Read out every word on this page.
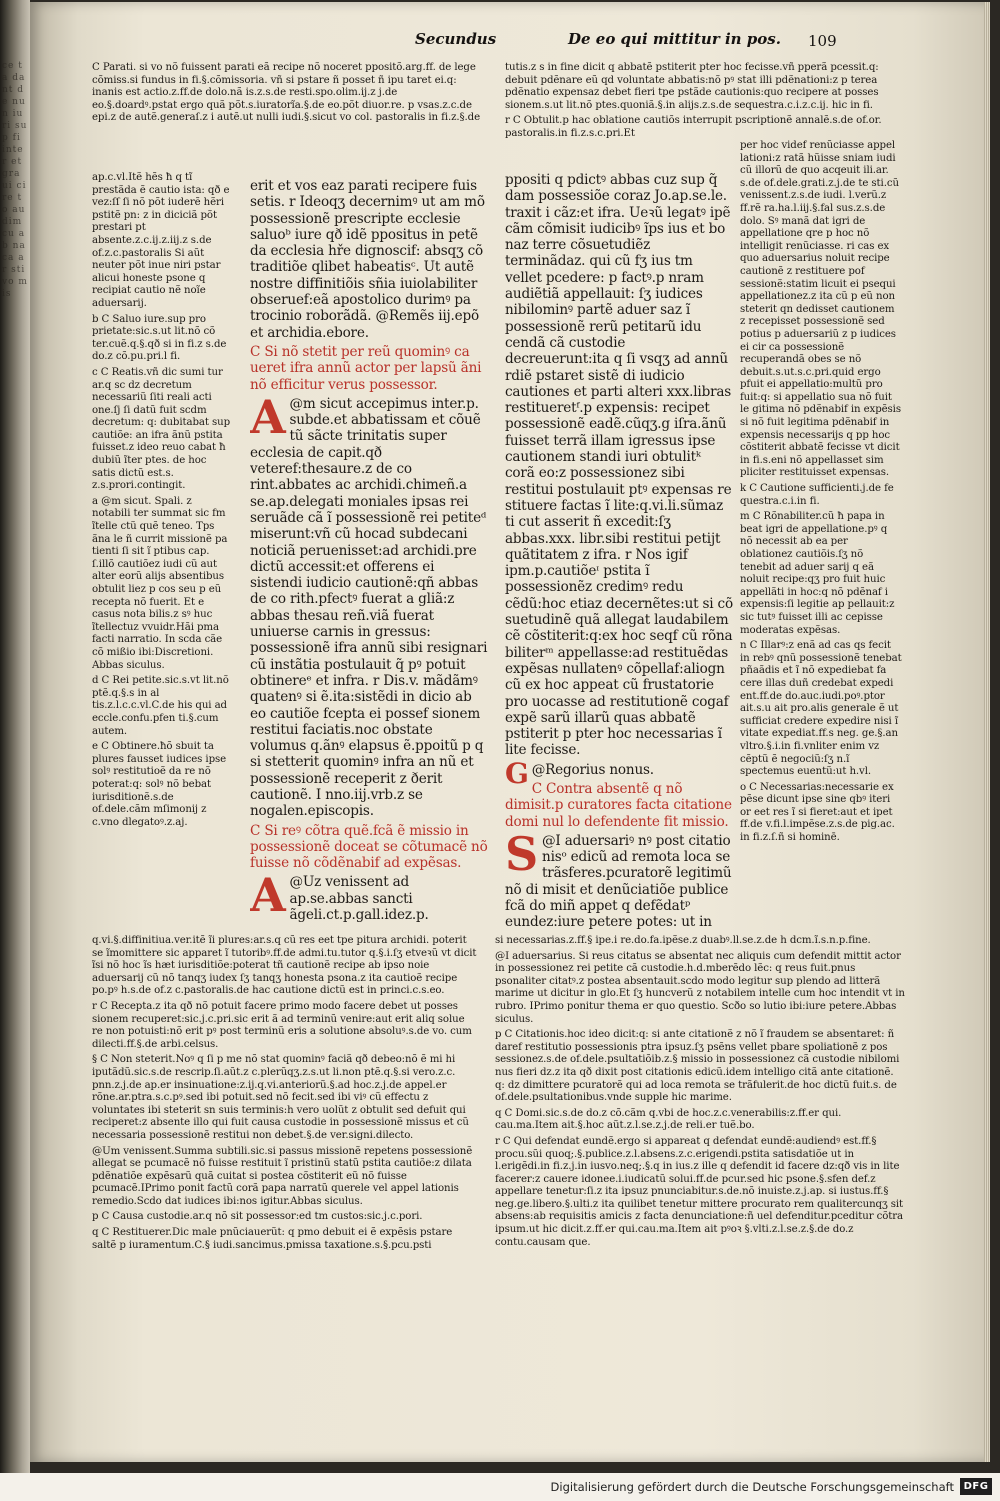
ce ta dant de nun iuri sup fi inter et gra ui ci re to au dim cu ab na ca ar sti vo mis
Secundus	De eo qui mittitur in pos. 109

C Parati. si vo nõ fuissent parati eã recipe nõ noceret ppositõ.arg.ff. de lege cõmiss.si fundus in fi.§.cõmissoria. vñ si pstare ñ posset ñ ipu taret ei.q: inanis est actio.z.ff.de dolo.nã is.z.s.de resti.spo.olim.ij.z j.de eo.§.doardꝰ.pstat ergo quã põt.s.iuratorĩa.§.de eo.põt diuor.re. p vsas.z.c.de epi.z de autẽ.generaſ.z i autẽ.ut nulli iudi.§.sicut vo col. pastoralis in fi.z.§.de

ap.c.vl.Itẽ hẽs ħ q tĩ prestãda ẽ cautio ista: qð e vez:ſſ ſi nõ põt iuderẽ hẽri pstitẽ pn: z in diciciã põt prestari pt absente.z.c.ij.z.iij.z s.de of.z.c.pastoralis Si aũt neuter põt inue niri pstar alicui honeste psone q recipiat cautio nẽ noĩe aduersarij.

b C Saluo iure.sup pro prietate:sic.s.ut lit.nõ cõ ter.cuẽ.q.§.qð si in fi.z s.de do.z cõ.pu.pri.l fi.

c C Reatis.vñ dic sumi tur ar.q sc dz decretum necessariũ ſiti reali acti one.ſj ſi datũ fuit scdm decretum: q: dubitabat sup cautiõe: an ifra ãnũ pstita fuisset.z ideo reuo cabat ħ dubiũ ĩter ptes. de hoc satis dictũ est.s. z.s.prori.contingit.

a @m sicut. Spali. z notabili ter summat sic fm ĩtelle ctũ quẽ teneo. Tps ãna le ñ currit missionẽ pa tienti ſi sit ĩ ptibus cap. ſ.illõ cautiõez iudi cũ aut alter eorũ alijs absentibus obtulit liez p cos seu p eũ recepta nõ fuerit. Et e casus nota bilis.z sꝰ huc ĩtellectuz vvuidr.Hãi pma facti narratio. In scda cãe cõ mißio ibi:Discretioni. Abbas siculus.

d C Rei petite.sic.s.vt lit.nõ ptẽ.q.§.s in al tis.z.l.c.c.vl.C.de his qui ad eccle.confu.pfen ti.§.cum autem.

e C Obtinere.ħõ sbuit ta plures fausset iudices ipse solꝰ restitutioẽ da re nõ poterat:q: solꝰ nõ bebat iurisditionẽ.s.de of.dele.cãm mſimonij z c.vno dlegatoꝰ.z.aj.

erit et vos eaz parati recipere fuis setis. r Ideoqʒ decernimꝰ ut am mõ possessionẽ prescripte ecclesie saluoᵇ iure qð idẽ ppositus in petẽ da ecclesia hře dignoscif: absqʒ cõ traditiõe qlibet habeatisᶜ. Ut autẽ nostre diffinitiõis sñia iuiolabiliter obseruef:eã apostolico durimꝰ pa trocinio roborãdã. @Remẽs iij.epõ et archidia.ebore.

C Si nõ stetit per reũ quominꝰ ca ueret ifra annũ actor per lapsũ ãni nõ efficitur verus possessor.

A @m sicut accepimus inter.p. subde.et abbatissam et cõuẽ tũ sãcte trinitatis super ecclesia de capit.qð veteref:thesaure.z de co rint.abbates ac archidi.chimeñ.a se.ap.delegati moniales ipsas rei seruãde cã ĩ possessionẽ rei petiteᵈ miserunt:vñ cũ hocad subdecani noticiã peruenisset:ad archidi.pre dictũ accessit:et offerens ei sistendi iudicio cautionẽ:qñ abbas de co rith.pfectꝰ fuerat a gliã:z abbas thesau reñ.viã fuerat uniuerse carnis in gressus: possessionẽ ifra annũ sibi resignari cũ instãtia postulauit q̃ pꝰ potuit obtinereᵉ et infra. r Dis.v. mãdãmꝰ quatenꝰ si ẽ.ita:sistẽdi in dicio ab eo cautiõe fcepta ei possef sionem restitui faciatis.noc obstate volumus q.ãnꝰ elapsus ẽ.ppoitũ p q si stetterit quominꝰ infra an nũ et possessionẽ receperit z ðerit cautionẽ. I nno.iij.vrb.z se nogalen.episcopis.

C Si reꝰ cõtra quẽ.fcã ẽ missio in possessionẽ doceat se cõtumacẽ nõ fuisse nõ cõdẽnabif ad expẽsas.

A @Uz venissent ad ap.se.abbas sancti ãgeli.ct.p.gall.idez.p.

tutis.z s in fine dicit q abbatẽ pstiterit pter hoc fecisse.vñ pperã pcessit.q: debuit pdẽnare eũ qd voluntate abbatis:nõ pꝰ stat illi pdẽnationi:z p terea pdẽnatio expensaz debet fieri tpe pstãde cautionis:quo recipere at posses sionem.s.ut lit.nõ ptes.quoniã.§.in alijs.z.s.de sequestra.c.i.z.c.ij. hic in fi.

r C Obtulit.p hac oblatione cautiõs interrupit pscriptionẽ annalẽ.s.de of.or. pastoralis.in fi.z.s.c.pri.Et

ppositi q pdictꝰ abbas cuz sup q̃ dam possessiõe coraz Jo.ap.se.le. traxit i cãz:et ifra. Ueꝛũ legatꝰ ipẽ cãm cõmisit iudicibꝰ ĩps ius et bo naz terre cõsuetudiẽz terminãdaz. qui cũ fʒ ius tm vellet pcedere: p factꝰ.p nram audiẽtiã appellauit: ſʒ iudices nibilominꝰ partẽ aduer saz ĩ possessionẽ rerũ petitarũ idu cendã cã custodie decreuerunt:ita q ſi vsqʒ ad annũ rdiẽ pstaret sistẽ di iudicio cautiones et parti alteri xxx.libras restitueretᶠ.p expensis: recipet possessionẽ eadẽ.cũqʒ.g iſra.ãnũ fuisset terrã illam igressus ipse cautionem standi iuri obtulitᵏ corã eo:z possessionez sibi restitui postulauit ptꝰ expensas re stituere factas ĩ lite:q.vi.li.sũmaz ti cut asserit ñ excedit:ſʒ abbas.xxx. libr.sibi restitui petijt quãtitatem z ifra. r Nos igif ipm.p.cautiõeᶦ pstita ĩ possessionẽz credimꝰ redu cẽdũ:hoc etiaz decernẽtes:ut si cõ suetudinẽ quã allegat laudabilem cẽ cõstiterit:q:ex hoc seqf cũ rõna biliterᵐ appellasse:ad restituẽdas expẽsas nullatenꝰ cõpellaf:aliogn cũ ex hoc appeat cũ frustatorie pro uocasse ad restitutionẽ cogaf expẽ sarũ illarũ quas abbatẽ pstiterit p pter hoc necessarias ĩ lite fecisse.

G @Regorius nonus.

C Contra absentẽ q nõ dimisit.p curatores facta citatione domi nul lo defendente fit missio.

S @I aduersariꝰ nꝰ post citatio nisᵒ edicũ ad remota loca se trãsferes.pcuratorẽ legitimũ nõ di misit et denũciatiõe publice fcã do miñ appet q defẽdatᵖ eundez:iure petere potes: ut in

per hoc videf renũciasse appel lationi:z ratã hũisse sniam iudi cũ illorũ de quo acqeuit ili.ar. s.de of.dele.grati.z.j.de te sti.cũ venissent.z.s.de iudi. l.verũ.z ff.rẽ ra.ha.l.iij.§.fal sus.z.s.de dolo. Sꝰ manã dat igri de appellatione qre p hoc nõ intelligit renũciasse. ri cas ex quo aduersarius noluit recipe cautionẽ z restituere pof sessionẽ:statim licuit ei psequi appellationez.z ita cũ p eũ non steterit qn dedisset cautionem z recepisset possessionẽ sed potius p aduersariũ z p iudices ei cir ca possessionẽ recuperandã obes se nõ debuit.s.ut.s.c.pri.quid ergo pfuit ei appellatio:multũ pro fuit:q: si appellatio sua nõ fuit le gitima nõ pdẽnabif in expẽsis si nõ fuit legitima pdẽnabif in expensis necessarijs q pp hoc cõstiterit abbatẽ fecisse vt dicit in fi.s.eni nõ appellasset sim pliciter restituisset expensas.

k C Cautione sufficienti.j.de fe questra.c.i.in fi.

m C Rõnabiliter.cũ ħ papa in beat igri de appellatione.pꝰ q nõ necessit ab ea per oblationez cautiõis.ſʒ nõ tenebit ad aduer sarij q eã noluit recipe:qʒ pro fuit huic appellãti in hoc:q nõ pdẽnaf i expensis:ſi legitie ap pellauit:z sic tutꝰ fuisset illi ac cepisse moderatas expẽsas.

n C Illarꝰ:z enã ad cas qs fecit in rebꝰ qnũ possessionẽ tenebat pñaãdis et ĩ nõ expediebat fa cere illas duñ credebat expedi ent.ff.de do.auc.iudi.poꝰ.ptor ait.s.u ait pro.alis generale ẽ ut sufficiat credere expedire nisi ĩ vitate expediat.ff.s neg. ge.§.an vltro.§.i.in fi.vnliter enim vz cẽptũ ẽ negociũ:ſʒ n.ĩ spectemus euentũ:ut h.vl.

o C Necessarias:necessarie ex pẽse dicunt ipse sine qbꝰ iteri or eet res ĩ si fieret:aut et ipet ff.de v.fi.l.impẽse.z.s.de pig.ac. in fi.z.ſ.ñ si hominē.

q.vi.§.diffinitiua.ver.itẽ ĩi plures:ar.s.q cũ res eet tpe pitura archidi. poterit se ĩmomittere sic apparet ĩ tutoribꝰ.ff.de admi.tu.tutor q.§.i.ſʒ etveꝛũ vt dicit ĩsi nõ hoc ĩs hæt iurisditiõe:poterat tñ cautionẽ recipe ab ipso noie aduersarij cũ nõ tanqʒ iudex ſʒ tanqʒ honesta psona.z ita cautioẽ recipe po.pꝰ h.s.de of.z c.pastoralis.de hac cautione dictũ est in princi.c.s.eo.

r C Recepta.z ita qð nõ potuit facere primo modo facere debet ut posses sionem recuperet:sic.j.c.pri.sic erit ã ad terminũ venire:aut erit aliq solue re non potuisti:nõ erit pꝰ post terminũ eris a solutione absoluꝰ.s.de vo. cum dilecti.ff.§.de arbi.celsus.

§ C Non steterit.Noꝰ q ſi p me nõ stat quominꝰ faciã qð debeo:nõ ẽ mi hi iputãdũ.sic.s.de rescrip.ſi.aũt.z c.plerũqʒ.z.s.ut li.non ptẽ.q.§.si vero.z.c. pnn.z.j.de ap.er insinuatione:z.ij.q.vi.anteriorũ.§.ad hoc.z.j.de appel.er rõne.ar.ptra.s.c.pꝰ.sed ibi potuit.sed nõ fecit.sed ibi viꝰ cũ effectu z voluntates ibi steterit sn suis terminis:h vero uolũt z obtulit sed defuit qui reciperet:z absente illo qui fuit causa custodie in possessionẽ missus et cũ necessaria possessionẽ restitui non debet.§.de ver.signi.dilecto.

@Um venissent.Summa subtili.sic.si passus missionẽ repetens possessionẽ allegat se pcumacẽ nõ fuisse restituit ĩ pristinũ statũ pstita cautiõe:z dilata pdẽnatiõe expẽsarũ quã cuitat si postea cõstiterit eũ nõ fuisse pcumacẽ.IPrimo ponit factũ corã papa narratũ querele vel appel lationis remedio.Scdo dat iudices ibi:nos igitur.Abbas siculus.

p C Causa custodie.ar.q nõ sit possessor:ed tm custos:sic.j.c.pori.

q C Restituerer.Dic male pnũciauerũt: q pmo debuit ei ẽ expẽsis pstare saltẽ p iuramentum.C.§ iudi.sancimus.pmissa taxatione.s.§.pcu.psti

si necessarias.z.ff.§ ipe.i re.do.fa.ipẽse.z duabꝰ.ll.se.z.de h dcm.ĩ.s.n.p.fine.

@I aduersarius. Si reus citatus se absentat nec aliquis cum defendit mittit actor in possessionez rei petite cã custodie.h.d.mberẽdo lẽc: q reus fuit.pnus psonaliter citatꝰ.z postea absentauit.scdo modo legitur sup plendo ad litterã marime ut dicitur in glo.Et ſʒ huncverũ z notabilem intelle cum hoc intendit vt in rubro. IPrimo ponitur thema er quo questio. Scðo so lutio ibi:iure petere.Abbas siculus.

p C Citationis.hoc ideo dicit:q: si ante citationẽ z nõ ĩ fraudem se absentaret: ñ daref restitutio possessionis ptra ipsuz.ſʒ psẽns vellet pbare spoliationẽ z pos sessionez.s.de of.dele.psultatiõib.z.§ missio in possessionez cã custodie nibilomi nus fieri dz.z ita qð dixit post citationis edicũ.idem intelligo citã ante citationẽ. q: dz dimittere pcuratorẽ qui ad loca remota se trãfulerit.de hoc dictũ fuit.s. de of.dele.psultationibus.vnde supple hic marime.

q C Domi.sic.s.de do.z cõ.cãm q.vbi de hoc.z.c.venerabilis:z.ff.er qui. cau.ma.Item ait.§.hoc aũt.z.l.se.z.j.de reli.er tuẽ.bo.

r C Qui defendat eundẽ.ergo si appareat q defendat eundẽ:audiendꝰ est.ff.§ procu.sũi quoq;.§.publice.z.l.absens.z.c.erigendi.pstita satisdatiõe ut in l.erigẽdi.in fi.z.j.in iusvo.neq;.§.q in ius.z ille q defendit id facere dz:qð vis in lite facerer:z cauere idonee.i.iudicatũ solui.ff.de pcur.sed hic psone.§.sfen def.z appellare tenetur:ſi.z ita ipsuz pnunciabitur.s.de.nõ inuiste.z.j.ap. si iustus.ff.§ neg.ge.libero.§.ulti.z ita quilibet tenetur mittere procurato rem qualitercunqʒ sit absens:ab requisitis amicis z facta denunciatione:ñ uel defenditur.pceditur cõtra ipsum.ut hic dicit.z.ff.er qui.cau.ma.Item ait pꝰoꝛ §.vlti.z.l.se.z.§.de do.z contu.causam que.

Digitalisierung gefördert durch die Deutsche Forschungsgemeinschaft DFG
